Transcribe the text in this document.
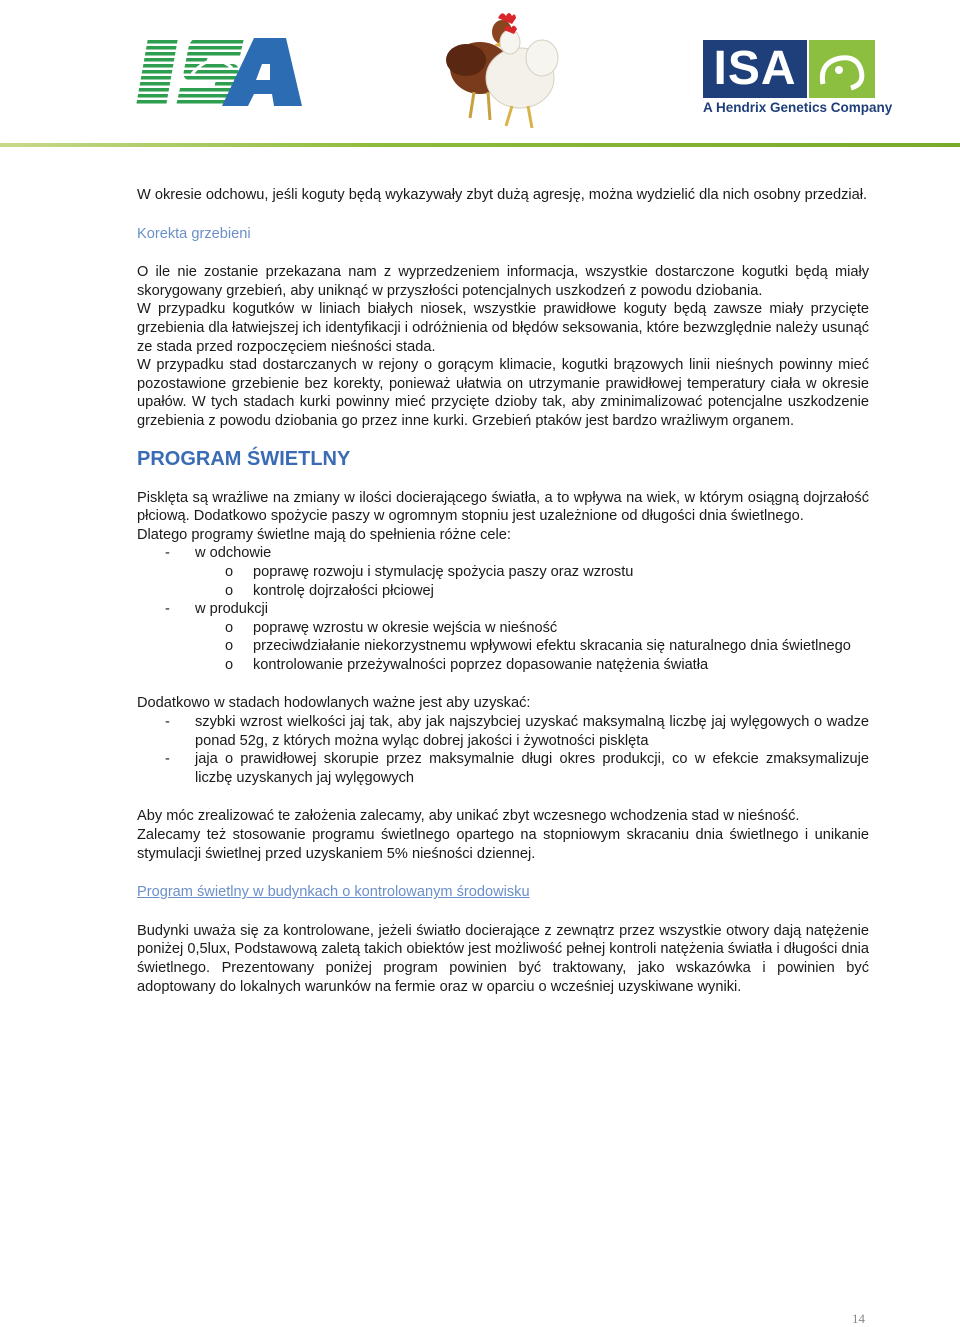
ISA
A Hendrix Genetics Company

W okresie odchowu, jeśli koguty będą wykazywały zbyt dużą agresję, można wydzielić dla nich osobny przedział.

Korekta grzebieni

O ile nie zostanie przekazana nam z wyprzedzeniem informacja, wszystkie dostarczone kogutki będą miały skorygowany grzebień, aby uniknąć w przyszłości potencjalnych uszkodzeń z powodu dziobania.

W przypadku kogutków w liniach białych niosek, wszystkie prawidłowe koguty będą zawsze miały przycięte grzebienia dla łatwiejszej ich identyfikacji i odróżnienia od błędów seksowania, które bezwzględnie należy usunąć ze stada przed rozpoczęciem nieśności stada.

W przypadku stad dostarczanych w rejony o gorącym klimacie, kogutki brązowych linii nieśnych powinny mieć pozostawione grzebienie bez korekty, ponieważ ułatwia on utrzymanie prawidłowej temperatury ciała w okresie upałów. W tych stadach kurki powinny mieć przycięte dzioby tak, aby zminimalizować potencjalne uszkodzenie grzebienia z powodu dziobania go przez inne kurki. Grzebień ptaków jest bardzo wrażliwym organem.

PROGRAM ŚWIETLNY

Pisklęta są wrażliwe na zmiany w ilości docierającego światła, a to wpływa na wiek, w którym osiągną dojrzałość płciową. Dodatkowo spożycie paszy w ogromnym stopniu jest uzależnione od długości dnia świetlnego.

Dlatego programy świetlne mają do spełnienia różne cele:

- w odchowie
o poprawę rozwoju i stymulację spożycia paszy oraz wzrostu
o kontrolę dojrzałości płciowej
- w produkcji
o poprawę wzrostu w okresie wejścia w nieśność
o przeciwdziałanie niekorzystnemu wpływowi efektu skracania się naturalnego dnia świetlnego
o kontrolowanie przeżywalności poprzez dopasowanie natężenia światła

Dodatkowo w stadach hodowlanych ważne jest aby uzyskać:

- szybki wzrost wielkości jaj tak, aby jak najszybciej uzyskać maksymalną liczbę jaj wylęgowych o wadze ponad 52g, z których można wyląc dobrej jakości i żywotności pisklęta
- jaja o prawidłowej skorupie przez maksymalnie długi okres produkcji, co w efekcie zmaksymalizuje liczbę uzyskanych jaj wylęgowych

Aby móc zrealizować te założenia zalecamy, aby unikać zbyt wczesnego wchodzenia stad w nieśność.

Zalecamy też stosowanie programu świetlnego opartego na stopniowym skracaniu dnia świetlnego i unikanie stymulacji świetlnej przed uzyskaniem 5% nieśności dziennej.

Program świetlny w budynkach o kontrolowanym środowisku

Budynki uważa się za kontrolowane, jeżeli światło docierające z zewnątrz przez wszystkie otwory dają natężenie poniżej 0,5lux, Podstawową zaletą takich obiektów jest możliwość pełnej kontroli natężenia światła i długości dnia świetlnego. Prezentowany poniżej program powinien być traktowany, jako wskazówka i powinien być adoptowany do lokalnych warunków na fermie oraz w oparciu o wcześniej uzyskiwane wyniki.

14
